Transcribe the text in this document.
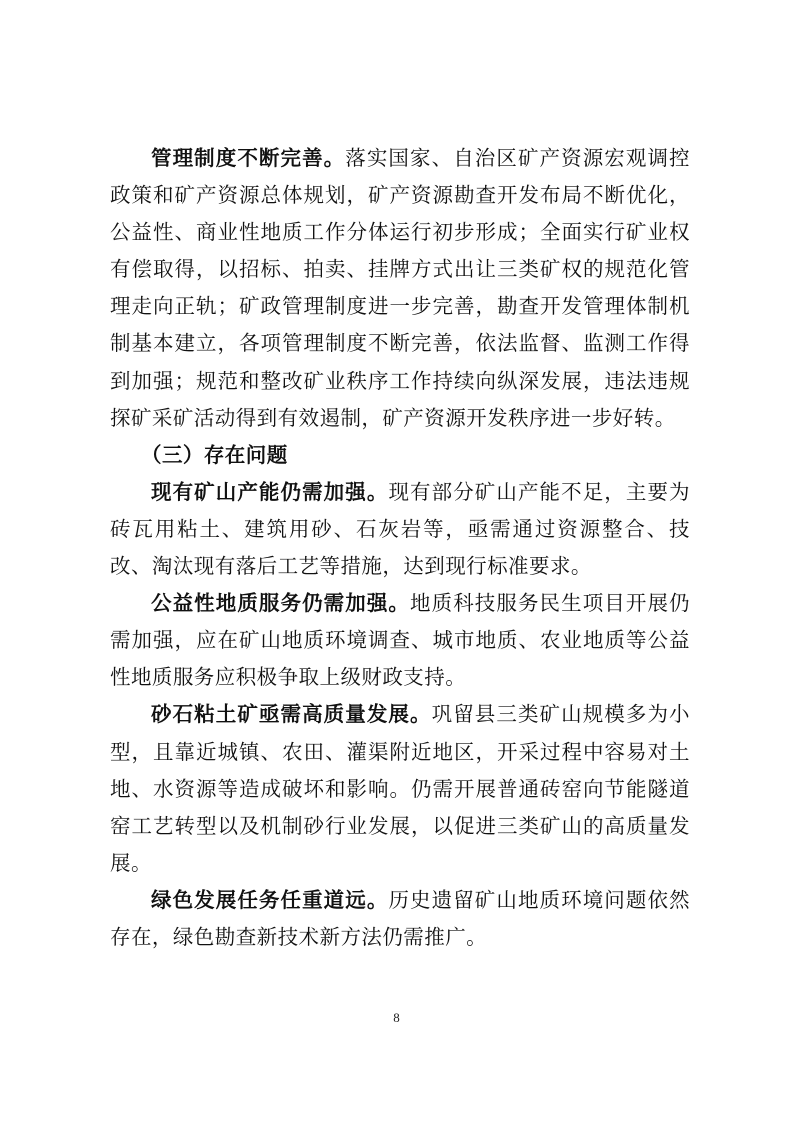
管理制度不断完善。落实国家、自治区矿产资源宏观调控政策和矿产资源总体规划，矿产资源勘查开发布局不断优化，公益性、商业性地质工作分体运行初步形成；全面实行矿业权有偿取得，以招标、拍卖、挂牌方式出让三类矿权的规范化管理走向正轨；矿政管理制度进一步完善，勘查开发管理体制机制基本建立，各项管理制度不断完善，依法监督、监测工作得到加强；规范和整改矿业秩序工作持续向纵深发展，违法违规探矿采矿活动得到有效遏制，矿产资源开发秩序进一步好转。

（三）存在问题

现有矿山产能仍需加强。现有部分矿山产能不足，主要为砖瓦用粘土、建筑用砂、石灰岩等，亟需通过资源整合、技改、淘汰现有落后工艺等措施，达到现行标准要求。

公益性地质服务仍需加强。地质科技服务民生项目开展仍需加强，应在矿山地质环境调查、城市地质、农业地质等公益性地质服务应积极争取上级财政支持。

砂石粘土矿亟需高质量发展。巩留县三类矿山规模多为小型，且靠近城镇、农田、灌渠附近地区，开采过程中容易对土地、水资源等造成破坏和影响。仍需开展普通砖窑向节能隧道窑工艺转型以及机制砂行业发展，以促进三类矿山的高质量发展。

绿色发展任务任重道远。历史遗留矿山地质环境问题依然存在，绿色勘查新技术新方法仍需推广。

8
